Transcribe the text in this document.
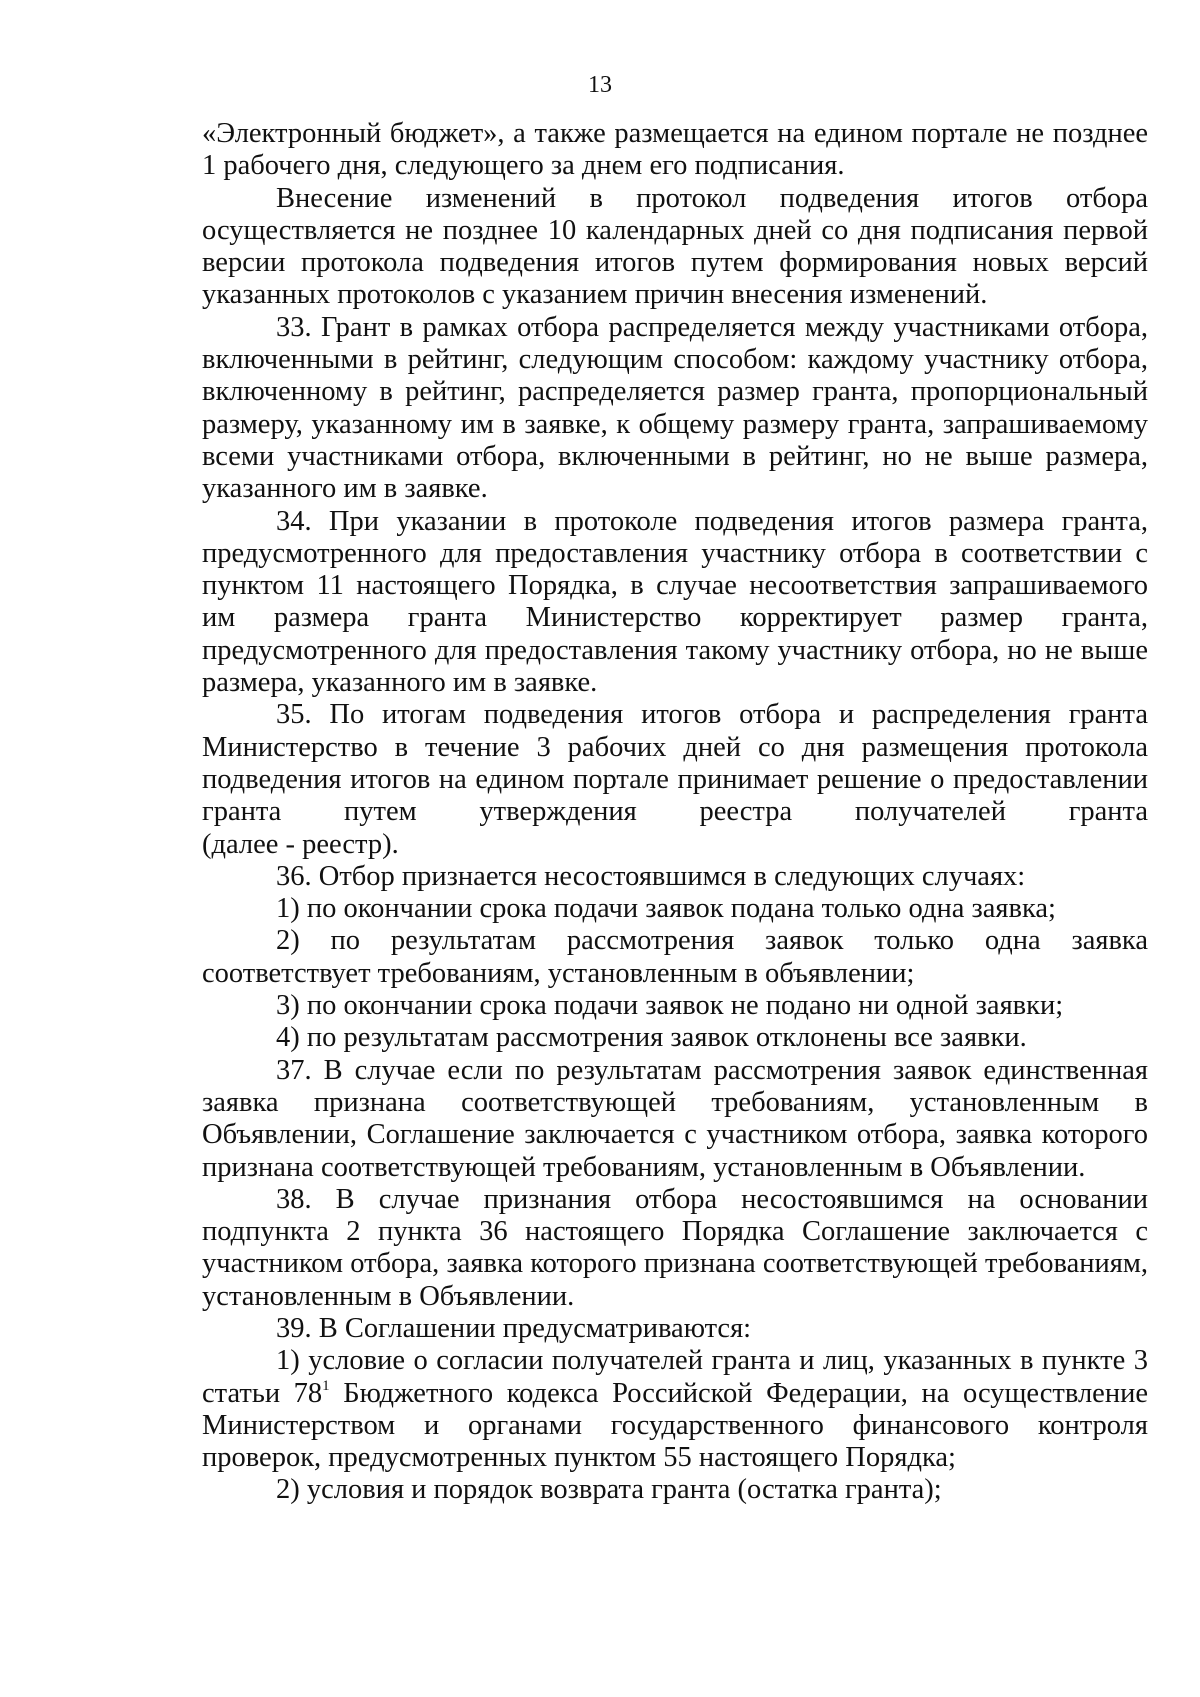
13

«Электронный бюджет», а также размещается на едином портале не позднее 1 рабочего дня, следующего за днем его подписания.

Внесение изменений в протокол подведения итогов отбора осуществляется не позднее 10 календарных дней со дня подписания первой версии протокола подведения итогов путем формирования новых версий указанных протоколов с указанием причин внесения изменений.

33. Грант в рамках отбора распределяется между участниками отбора, включенными в рейтинг, следующим способом: каждому участнику отбора, включенному в рейтинг, распределяется размер гранта, пропорциональный размеру, указанному им в заявке, к общему размеру гранта, запрашиваемому всеми участниками отбора, включенными в рейтинг, но не выше размера, указанного им в заявке.

34. При указании в протоколе подведения итогов размера гранта, предусмотренного для предоставления участнику отбора в соответствии с пунктом 11 настоящего Порядка, в случае несоответствия запрашиваемого им размера гранта Министерство корректирует размер гранта, предусмотренного для предоставления такому участнику отбора, но не выше размера, указанного им в заявке.

35. По итогам подведения итогов отбора и распределения гранта Министерство в течение 3 рабочих дней со дня размещения протокола подведения итогов на едином портале принимает решение о предоставлении гранта путем утверждения реестра получателей гранта

(далее - реестр).

36. Отбор признается несостоявшимся в следующих случаях:

1) по окончании срока подачи заявок подана только одна заявка;

2) по результатам рассмотрения заявок только одна заявка соответствует требованиям, установленным в объявлении;

3) по окончании срока подачи заявок не подано ни одной заявки;

4) по результатам рассмотрения заявок отклонены все заявки.

37. В случае если по результатам рассмотрения заявок единственная заявка признана соответствующей требованиям, установленным в Объявлении, Соглашение заключается с участником отбора, заявка которого признана соответствующей требованиям, установленным в Объявлении.

38. В случае признания отбора несостоявшимся на основании подпункта 2 пункта 36 настоящего Порядка Соглашение заключается с участником отбора, заявка которого признана соответствующей требованиям, установленным в Объявлении.

39. В Соглашении предусматриваются:

1) условие о согласии получателей гранта и лиц, указанных в пункте 3 статьи $78^1$ Бюджетного кодекса Российской Федерации, на осуществление Министерством и органами государственного финансового контроля проверок, предусмотренных пунктом 55 настоящего Порядка;

2) условия и порядок возврата гранта (остатка гранта);
